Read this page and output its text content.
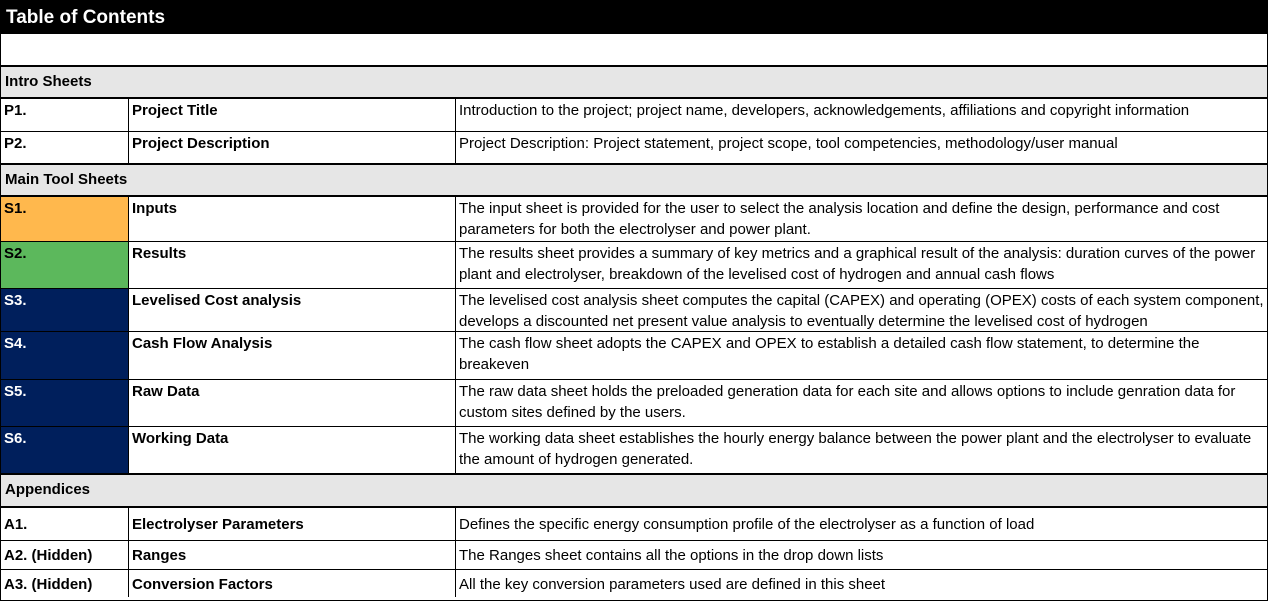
Table of Contents
Intro Sheets
P1.	Project Title	Introduction to the project; project name, developers, acknowledgements, affiliations and copyright information
P2.	Project Description	Project Description: Project statement, project scope, tool competencies, methodology/user manual
Main Tool Sheets
S1.	Inputs	The input sheet is provided for the user to select the analysis location and define the design, performance and cost parameters for both the electrolyser and power plant.
S2.	Results	The results sheet provides a summary of key metrics and a graphical result of the analysis: duration curves of the power plant and electrolyser, breakdown of the levelised cost of hydrogen and annual cash flows
S3.	Levelised Cost analysis	The levelised cost analysis sheet computes the capital (CAPEX) and operating (OPEX) costs of each system component, develops a discounted net present value analysis to eventually determine the levelised cost of hydrogen
S4.	Cash Flow Analysis	The cash flow sheet adopts the CAPEX and OPEX to establish a detailed cash flow statement, to determine the breakeven
S5.	Raw Data	The raw data sheet holds the preloaded generation data for each site and allows options to include genration data for custom sites defined by the users.
S6.	Working Data	The working data sheet establishes the hourly energy balance between the power plant and the electrolyser to evaluate the amount of hydrogen generated.
Appendices
A1.	Electrolyser Parameters	Defines the specific energy consumption profile of the electrolyser as a function of load
A2. (Hidden)	Ranges	The Ranges sheet contains all the options in the drop down lists
A3. (Hidden)	Conversion Factors	All the key conversion parameters used are defined in this sheet
